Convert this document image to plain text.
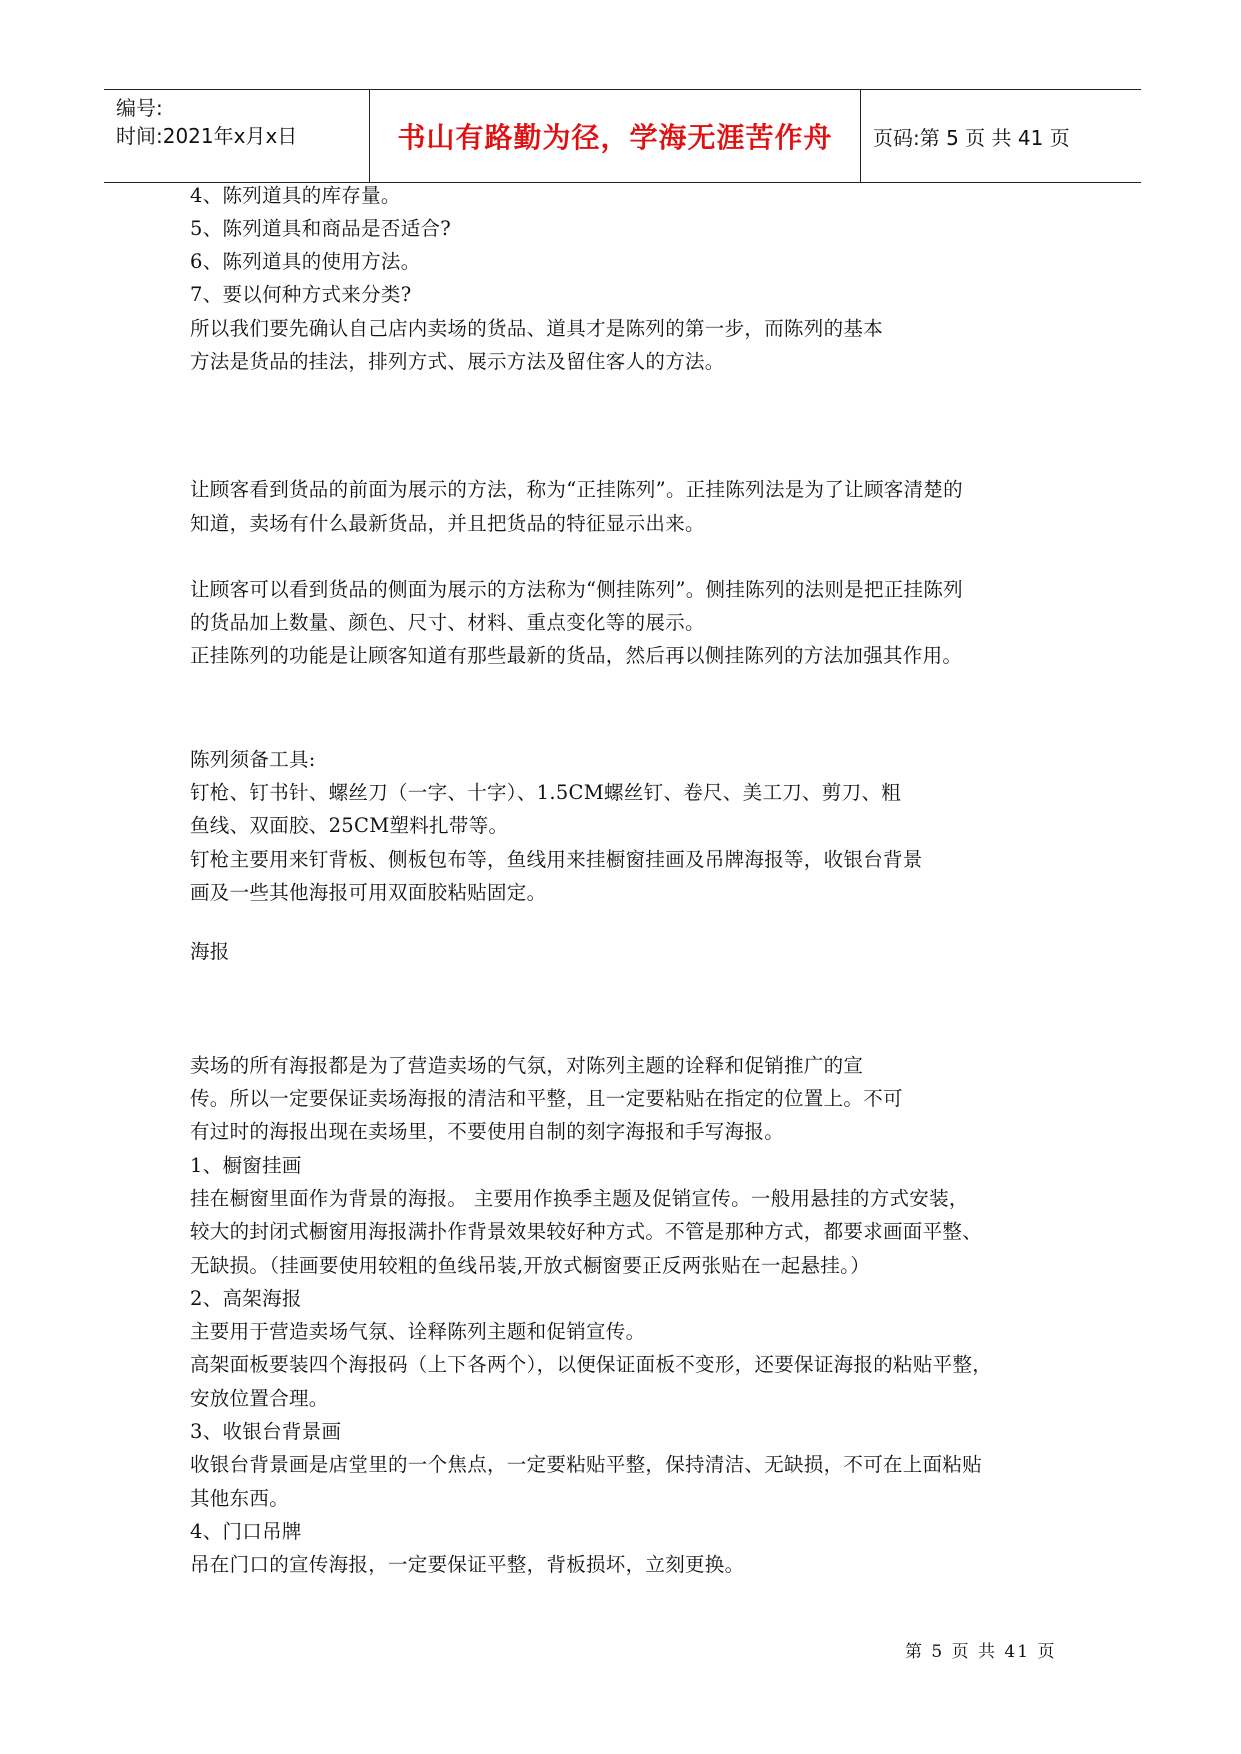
编号:
时间:2021年x月x日	书山有路勤为径，学海无涯苦作舟 页码:第 5 页 共 41 页
4、陈列道具的库存量。
5、陈列道具和商品是否适合?
6、陈列道具的使用方法。
7、要以何种方式来分类?
所以我们要先确认自己店内卖场的货品、道具才是陈列的第一步，而陈列的基本
方法是货品的挂法，排列方式、展示方法及留住客人的方法。
让顾客看到货品的前面为展示的方法，称为“正挂陈列”。正挂陈列法是为了让顾客清楚的
知道，卖场有什么最新货品，并且把货品的特征显示出来。
让顾客可以看到货品的侧面为展示的方法称为“侧挂陈列”。侧挂陈列的法则是把正挂陈列
的货品加上数量、颜色、尺寸、材料、重点变化等的展示。
正挂陈列的功能是让顾客知道有那些最新的货品，然后再以侧挂陈列的方法加强其作用。
陈列须备工具:
钉枪、钉书针、螺丝刀（一字、十字）、1.5CM螺丝钉、卷尺、美工刀、剪刀、粗
鱼线、双面胶、25CM塑料扎带等。
钉枪主要用来钉背板、侧板包布等，鱼线用来挂橱窗挂画及吊牌海报等，收银台背景
画及一些其他海报可用双面胶粘贴固定。
海报
卖场的所有海报都是为了营造卖场的气氛，对陈列主题的诠释和促销推广的宣
传。所以一定要保证卖场海报的清洁和平整，且一定要粘贴在指定的位置上。不可
有过时的海报出现在卖场里，不要使用自制的刻字海报和手写海报。
1、橱窗挂画
挂在橱窗里面作为背景的海报。 主要用作换季主题及促销宣传。一般用悬挂的方式安装，
较大的封闭式橱窗用海报满扑作背景效果较好种方式。不管是那种方式，都要求画面平整、
无缺损。（挂画要使用较粗的鱼线吊装,开放式橱窗要正反两张贴在一起悬挂。）
2、高架海报
主要用于营造卖场气氛、诠释陈列主题和促销宣传。
高架面板要装四个海报码（上下各两个），以便保证面板不变形，还要保证海报的粘贴平整，
安放位置合理。
3、收银台背景画
收银台背景画是店堂里的一个焦点，一定要粘贴平整，保持清洁、无缺损，不可在上面粘贴
其他东西。
4、门口吊牌
吊在门口的宣传海报，一定要保证平整，背板损坏，立刻更换。
第 5 页 共 41 页
